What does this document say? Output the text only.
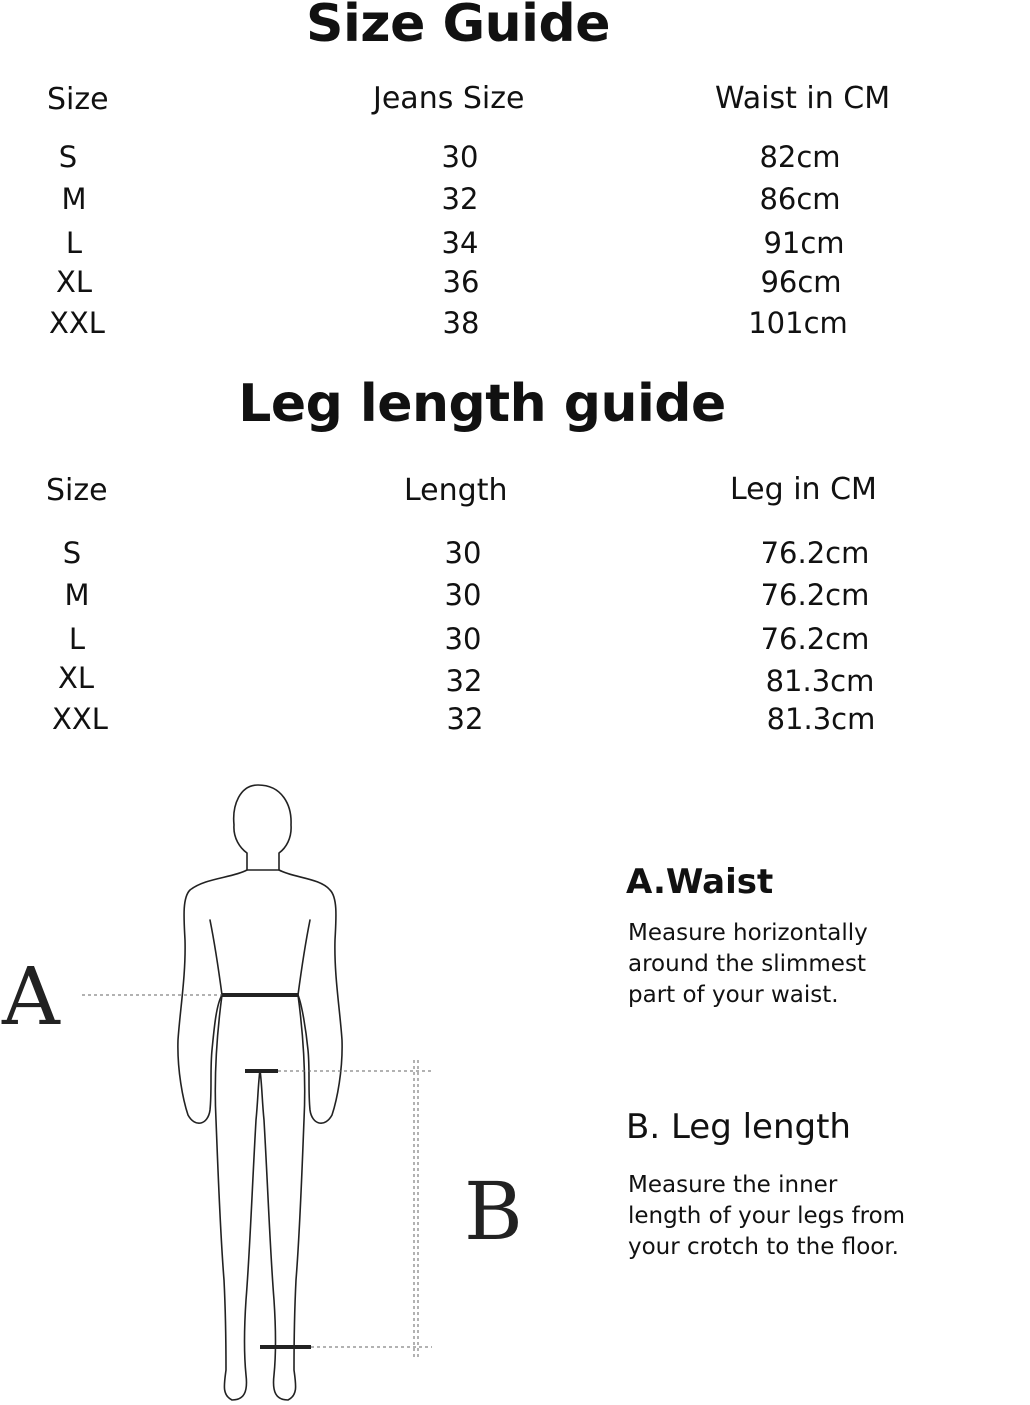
Size Guide
Size	Jeans Size	Waist in CM
S	30	82cm
M	32	86cm
L	34	91cm
XL	36	96cm
XXL	38	101cm
Leg length guide
Size	Length	Leg in CM
S	30	76.2cm
M	30	76.2cm
L	30	76.2cm
XL	32	81.3cm
XXL	32	81.3cm
A
B
A.Waist
Measure horizontally
around the slimmest
part of your waist.
B. Leg length
Measure the inner
length of your legs from
your crotch to the floor.
